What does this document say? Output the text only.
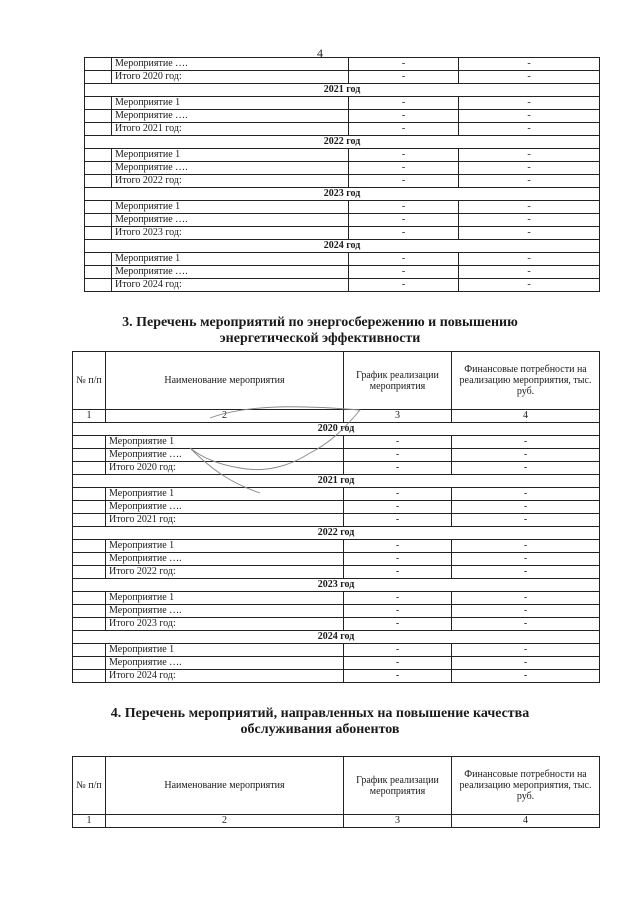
4
	Мероприятие ….	-	-
	Итого 2020 год:	-	-
2021 год			
	Мероприятие 1	-	-
	Мероприятие ….	-	-
	Итого 2021 год:	-	-
2022 год			
	Мероприятие 1	-	-
	Мероприятие ….	-	-
	Итого 2022 год:	-	-
2023 год			
	Мероприятие 1	-	-
	Мероприятие ….	-	-
	Итого 2023 год:	-	-
2024 год			
	Мероприятие 1	-	-
	Мероприятие ….	-	-
	Итого 2024 год:	-	-
3. Перечень мероприятий по энергосбережению и повышению
энергетической эффективности
№ п/п	Наименование мероприятия	График реализации мероприятия	Финансовые потребности на реализацию мероприятия, тыс. руб.
1	2	3	4
2020 год			
	Мероприятие 1	-	-
	Мероприятие ….	-	-
	Итого 2020 год:	-	-
2021 год			
	Мероприятие 1	-	-
	Мероприятие ….	-	-
	Итого 2021 год:	-	-
2022 год			
	Мероприятие 1	-	-
	Мероприятие ….	-	-
	Итого 2022 год:	-	-
2023 год			
	Мероприятие 1	-	-
	Мероприятие ….	-	-
	Итого 2023 год:	-	-
2024 год			
	Мероприятие 1	-	-
	Мероприятие ….	-	-
	Итого 2024 год:	-	-
4. Перечень мероприятий, направленных на повышение качества
обслуживания абонентов
№ п/п	Наименование мероприятия	График реализации мероприятия	Финансовые потребности на реализацию мероприятия, тыс. руб.
1	2	3	4
